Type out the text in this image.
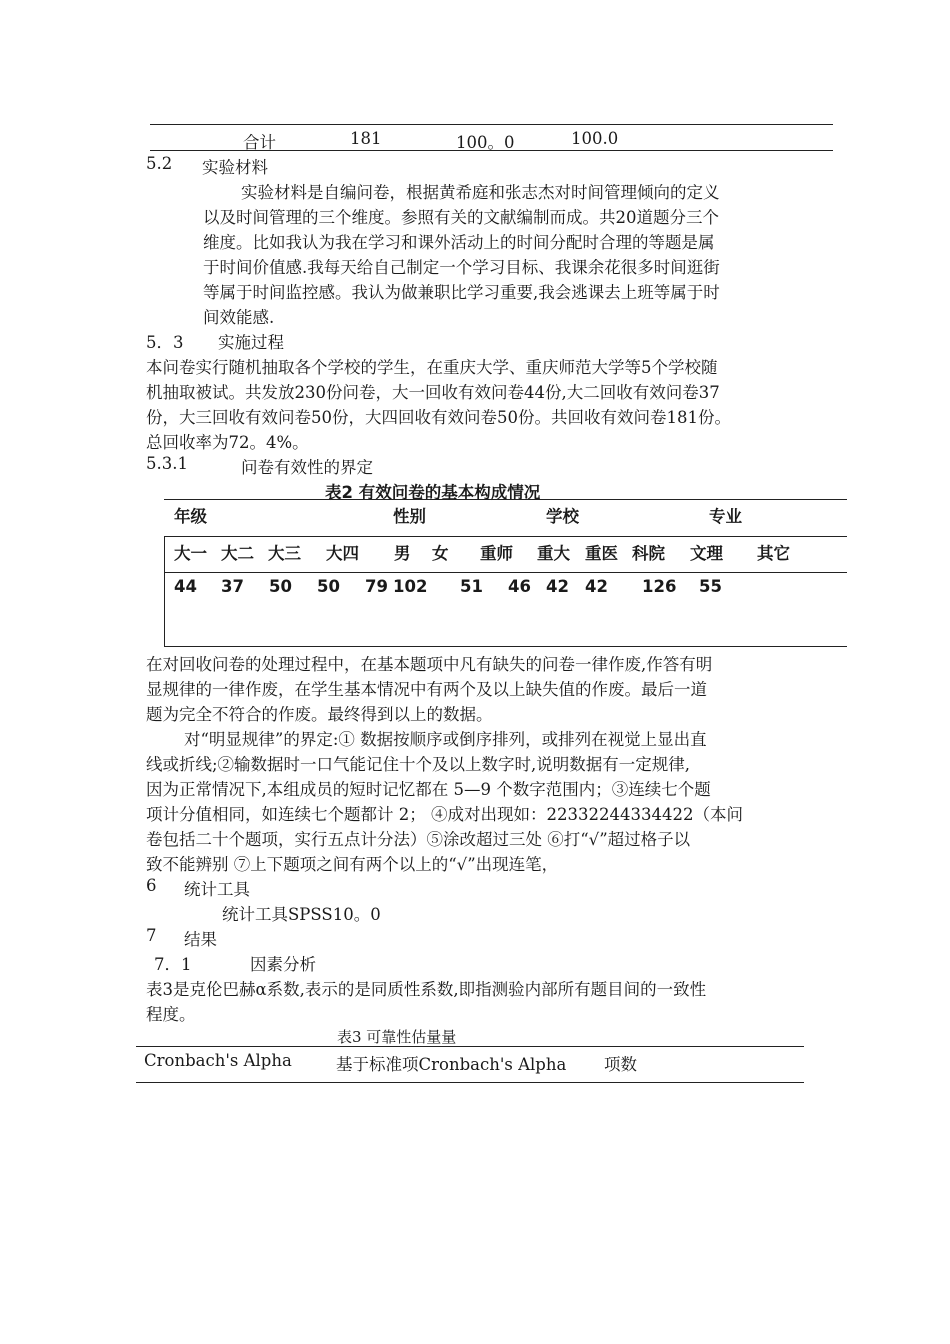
合计	181	100。0	100.0
5.2 实验材料
实验材料是自编问卷，根据黄希庭和张志杰对时间管理倾向的定义
以及时间管理的三个维度。参照有关的文献编制而成。共20道题分三个
维度。比如我认为我在学习和课外活动上的时间分配时合理的等题是属
于时间价值感.我每天给自己制定一个学习目标、我课余花很多时间逛街
等属于时间监控感。我认为做兼职比学习重要,我会逃课去上班等属于时
间效能感.
5．3 实施过程
本问卷实行随机抽取各个学校的学生，在重庆大学、重庆师范大学等5个学校随
机抽取被试。共发放230份问卷，大一回收有效问卷44份,大二回收有效问卷37
份，大三回收有效问卷50份，大四回收有效问卷50份。共回收有效问卷181份。
总回收率为72。4%。
5.3.1	问卷有效性的界定
表2 有效问卷的基本构成情况
年级	性别	学校	专业
大一 大二 大三 大四 男 女 重师 重大 重医 科院 文理 其它
44 37 50 50 79 102 51 46 42 42 126 55
在对回收问卷的处理过程中，在基本题项中凡有缺失的问卷一律作废,作答有明
显规律的一律作废，在学生基本情况中有两个及以上缺失值的作废。最后一道
题为完全不符合的作废。最终得到以上的数据。
对“明显规律”的界定:① 数据按顺序或倒序排列，或排列在视觉上显出直
线或折线;②输数据时一口气能记住十个及以上数字时,说明数据有一定规律,
因为正常情况下,本组成员的短时记忆都在 5—9 个数字范围内；③连续七个题
项计分值相同，如连续七个题都计 2； ④成对出现如：22332244334422（本问
卷包括二十个题项，实行五点计分法）⑤涂改超过三处 ⑥打“√”超过格子以
致不能辨别 ⑦上下题项之间有两个以上的“√”出现连笔，
6 统计工具
统计工具SPSS10。0
7 结果
7．1	因素分析
表3是克伦巴赫α系数,表示的是同质性系数,即指测验内部所有题目间的一致性
程度。
表3 可靠性估量量
Cronbach's Alpha	基于标准项Cronbach's Alpha 项数
